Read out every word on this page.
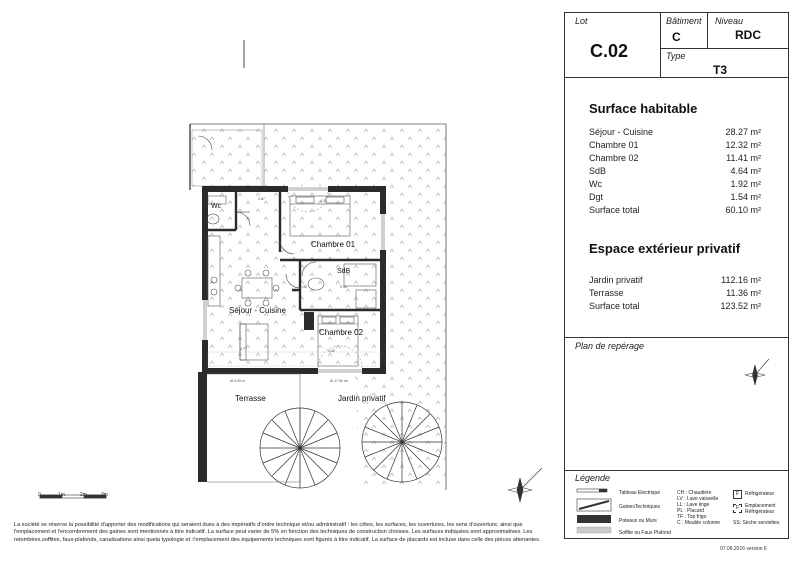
Al 4.00 m	Al 17.00 m²
2.87	4.21
1.36	2.30
4.77	3.40
0	1m	2m	3m
Wc
Chambre 01
SdB
Séjour - Cuisine
Chambre 02
Terrasse	Jardin privatif
Lot
C.02
Bâtiment
C
Niveau
RDC
Type
T3
Surface habitable
Séjour - Cuisine	28.27 m²
Chambre 01	12.32 m²
Chambre 02	11.41 m²
SdB	4.64 m²
Wc	1.92 m²
Dgt	1.54 m²
Surface total	60.10 m²
Espace extérieur privatif
Jardin privatif	112.16 m²
Terrasse	11.36 m²
Surface total	123.52 m²
Plan de repérage
Légende
Tableau Electrique
GainesTechniques
Poteaux ou Murs
Soffite ou Faux Plafond
CH : Chaudière
LV : Lave vaisselle
LL : Lave linge
PL : Placard
TF : Top frigo
C : Meuble colonne
F	Réfrigérateur
F	Emplacement
Réfrigérateur
SS: Sèche serviettes
La société se réserve la possibilité d'apporter des modifications qui seraient dues à des impératifs d'ordre technique et/ou administratif : les côtes, les surfaces, les ouvertures, les sens d'ouverture, ainsi que l'emplacement et l'encombrement des gaines sont mentionnés à titre indicatif. La surface peut varier de 5% en fonction des techniques de construction choisies. Les surfaces indiquées sont approximatives. Les retombées,soffites, faux-plafonds, canalisations ainsi quela typologie et :l'emplacement des équipements techniques sont figurés à titre indicatif. La surface de placards est incluse dans celle des pièces attenantes.
07.06.2016 version 6
